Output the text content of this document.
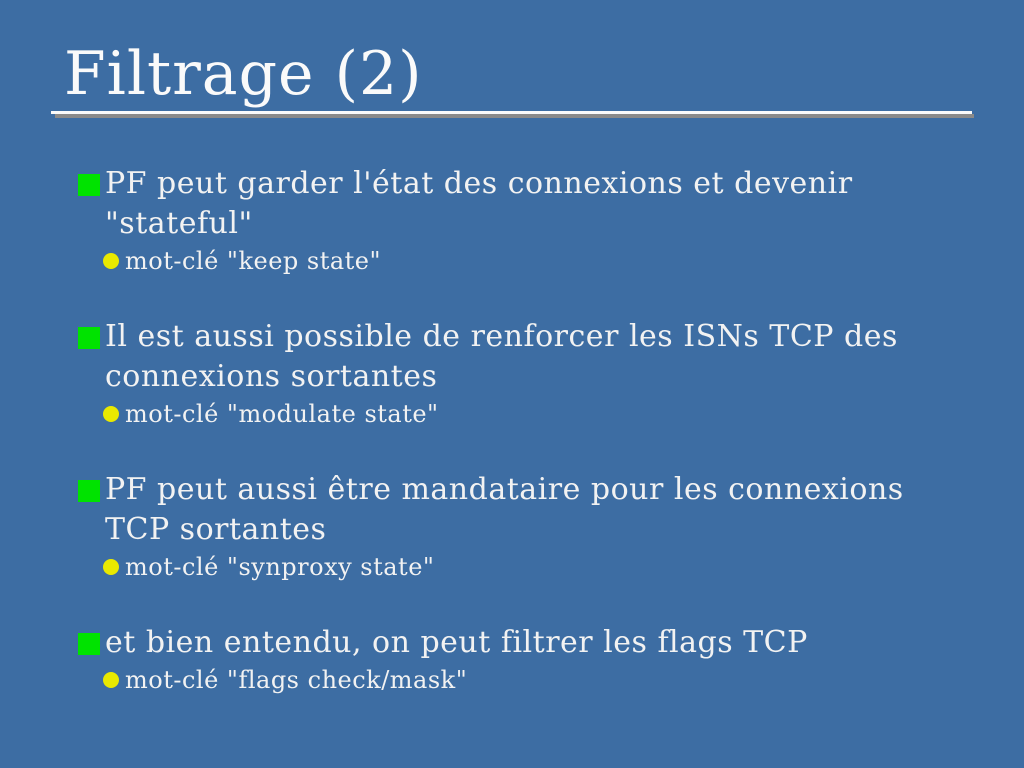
Filtrage (2)
PF peut garder l'état des connexions et devenir
"stateful"
mot-clé "keep state"
Il est aussi possible de renforcer les ISNs TCP des
connexions sortantes
mot-clé "modulate state"
PF peut aussi être mandataire pour les connexions
TCP sortantes
mot-clé "synproxy state"
et bien entendu, on peut filtrer les flags TCP
mot-clé "flags check/mask"
